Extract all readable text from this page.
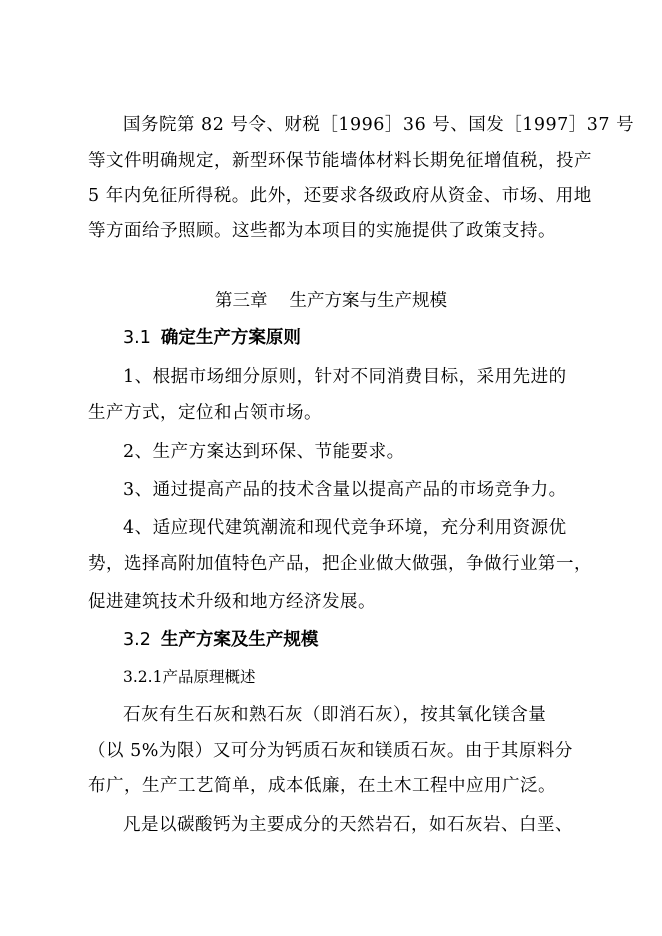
国务院第 82 号令、财税［1996］36 号、国发［1997］37 号
等文件明确规定，新型环保节能墙体材料长期免征增值税，投产
5 年内免征所得税。此外，还要求各级政府从资金、市场、用地
等方面给予照顾。这些都为本项目的实施提供了政策支持。
第三章 生产方案与生产规模
3.1 确定生产方案原则
1、根据市场细分原则，针对不同消费目标，采用先进的
生产方式，定位和占领市场。
2、生产方案达到环保、节能要求。
3、通过提高产品的技术含量以提高产品的市场竞争力。
4、适应现代建筑潮流和现代竞争环境，充分利用资源优
势，选择高附加值特色产品，把企业做大做强，争做行业第一，
促进建筑技术升级和地方经济发展。
3.2 生产方案及生产规模
3.2.1产品原理概述
石灰有生石灰和熟石灰（即消石灰），按其氧化镁含量
（以 5%为限）又可分为钙质石灰和镁质石灰。由于其原料分
布广，生产工艺简单，成本低廉，在土木工程中应用广泛。
凡是以碳酸钙为主要成分的天然岩石，如石灰岩、白垩、
